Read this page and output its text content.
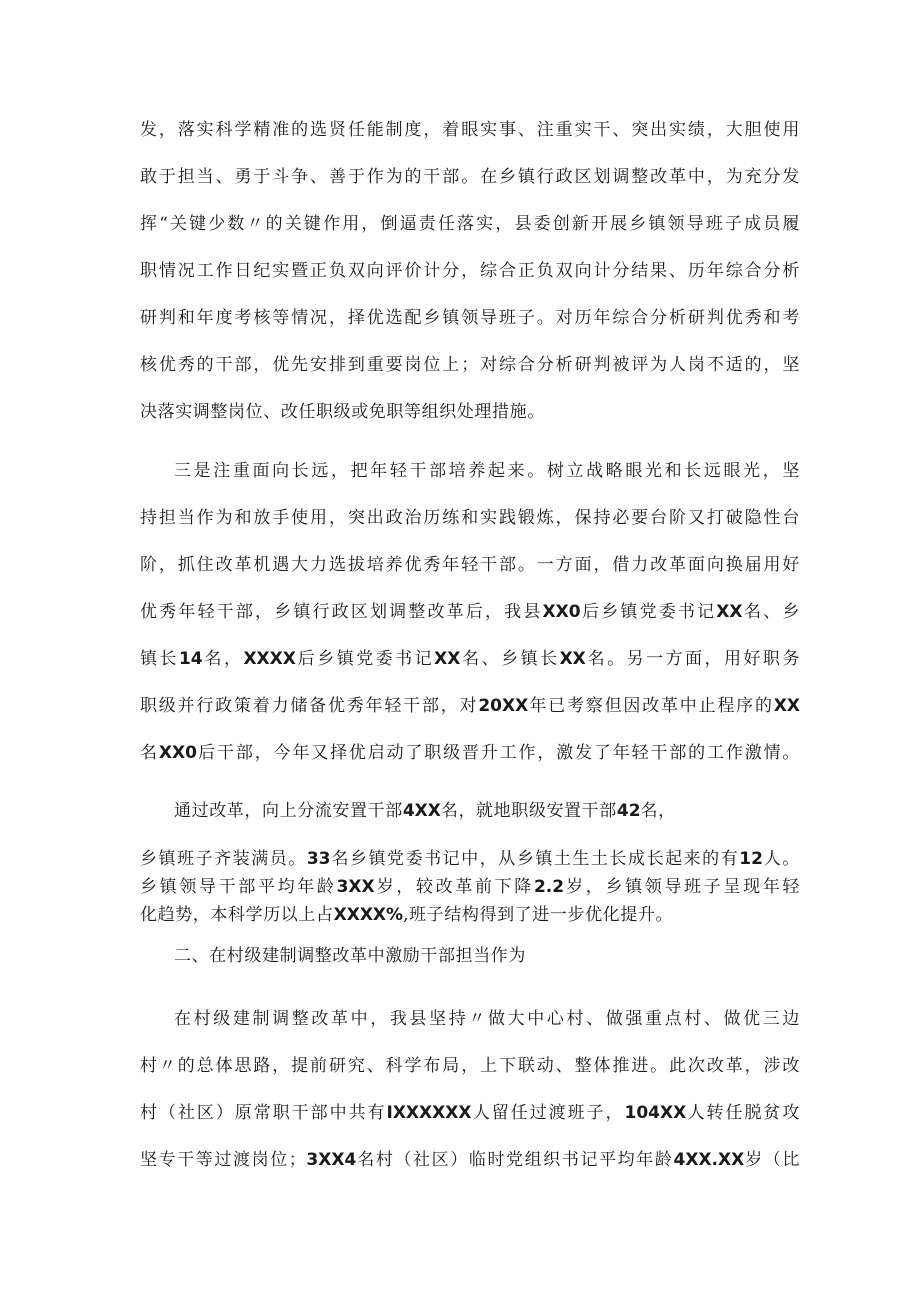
发，落实科学精准的选贤任能制度，着眼实事、注重实干、突出实绩，大胆使用
敢于担当、勇于斗争、善于作为的干部。在乡镇行政区划调整改革中，为充分发
挥“关键少数〃的关键作用，倒逼责任落实，县委创新开展乡镇领导班子成员履
职情况工作日纪实暨正负双向评价计分，综合正负双向计分结果、历年综合分析
研判和年度考核等情况，择优选配乡镇领导班子。对历年综合分析研判优秀和考
核优秀的干部，优先安排到重要岗位上；对综合分析研判被评为人岗不适的，坚
决落实调整岗位、改任职级或免职等组织处理措施。
三是注重面向长远，把年轻干部培养起来。树立战略眼光和长远眼光，坚
持担当作为和放手使用，突出政治历练和实践锻炼，保持必要台阶又打破隐性台
阶，抓住改革机遇大力选拔培养优秀年轻干部。一方面，借力改革面向换届用好
优秀年轻干部，乡镇行政区划调整改革后，我县XX0后乡镇党委书记XX名、乡
镇长14名，XXXX后乡镇党委书记XX名、乡镇长XX名。另一方面，用好职务
职级并行政策着力储备优秀年轻干部，对20XX年已考察但因改革中止程序的XX
名XX0后干部，今年又择优启动了职级晋升工作，激发了年轻干部的工作激情。
通过改革，向上分流安置干部4XX名，就地职级安置干部42名，
乡镇班子齐装满员。33名乡镇党委书记中，从乡镇土生土长成长起来的有12人。
乡镇领导干部平均年龄3XX岁，较改革前下降2.2岁，乡镇领导班子呈现年轻
化趋势，本科学历以上占XXXX%,班子结构得到了进一步优化提升。
二、在村级建制调整改革中激励干部担当作为
在村级建制调整改革中，我县坚持〃做大中心村、做强重点村、做优三边
村〃的总体思路，提前研究、科学布局，上下联动、整体推进。此次改革，涉改
村（社区）原常职干部中共有IXXXXXX人留任过渡班子，104XX人转任脱贫攻
坚专干等过渡岗位；3XX4名村（社区）临时党组织书记平均年龄4XX.XX岁（比
